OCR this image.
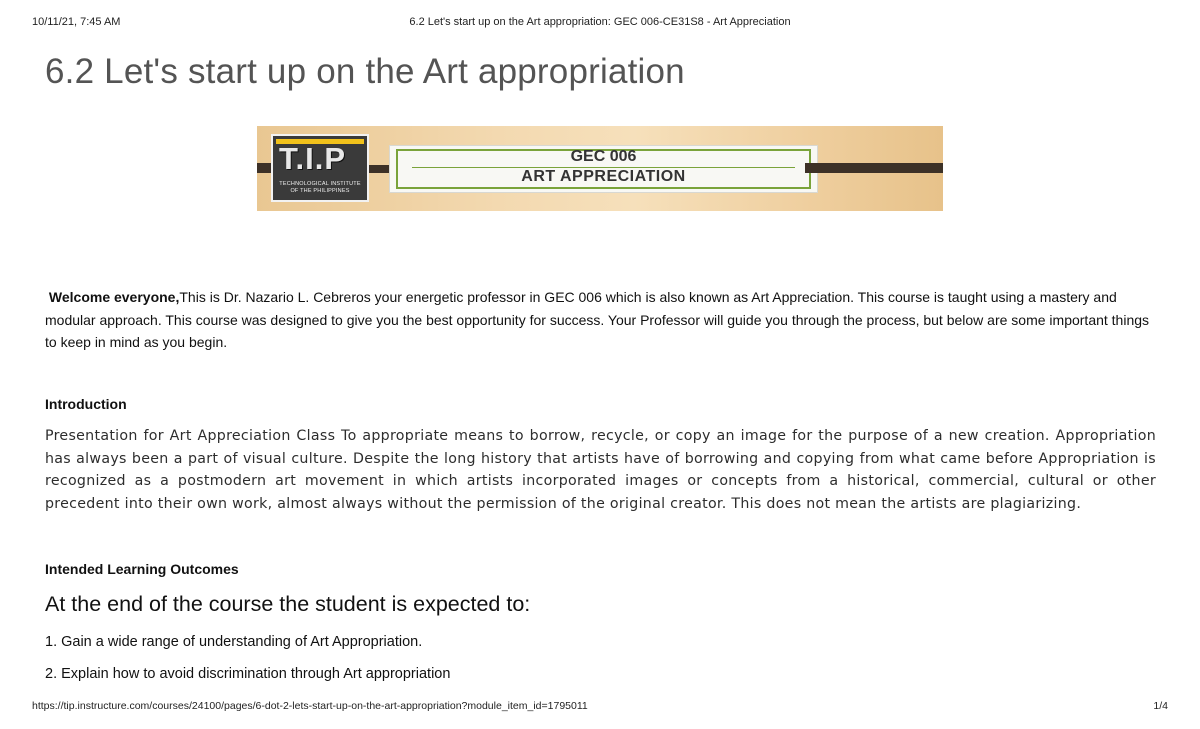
10/11/21, 7:45 AM	6.2 Let's start up on the Art appropriation: GEC 006-CE31S8 - Art Appreciation
6.2 Let's start up on the Art appropriation
T.I.P
TECHNOLOGICAL INSTITUTE OF THE PHILIPPINES
GEC 006
ART APPRECIATION

Welcome everyone,This is Dr. Nazario L. Cebreros your energetic professor in GEC 006 which is also known as Art Appreciation. This course is taught using a mastery and modular approach. This course was designed to give you the best opportunity for success. Your Professor will guide you through the process, but below are some important things to keep in mind as you begin.

Introduction

Presentation for Art Appreciation Class To appropriate means to borrow, recycle, or copy an image for the purpose of a new creation. Appropriation has always been a part of visual culture. Despite the long history that artists have of borrowing and copying from what came before Appropriation is recognized as a postmodern art movement in which artists incorporated images or concepts from a historical, commercial, cultural or other precedent into their own work, almost always without the permission of the original creator. This does not mean the artists are plagiarizing.

Intended Learning Outcomes

At the end of the course the student is expected to:

1. Gain a wide range of understanding of Art Appropriation.

2. Explain how to avoid discrimination through Art appropriation

https://tip.instructure.com/courses/24100/pages/6-dot-2-lets-start-up-on-the-art-appropriation?module_item_id=1795011	1/4
